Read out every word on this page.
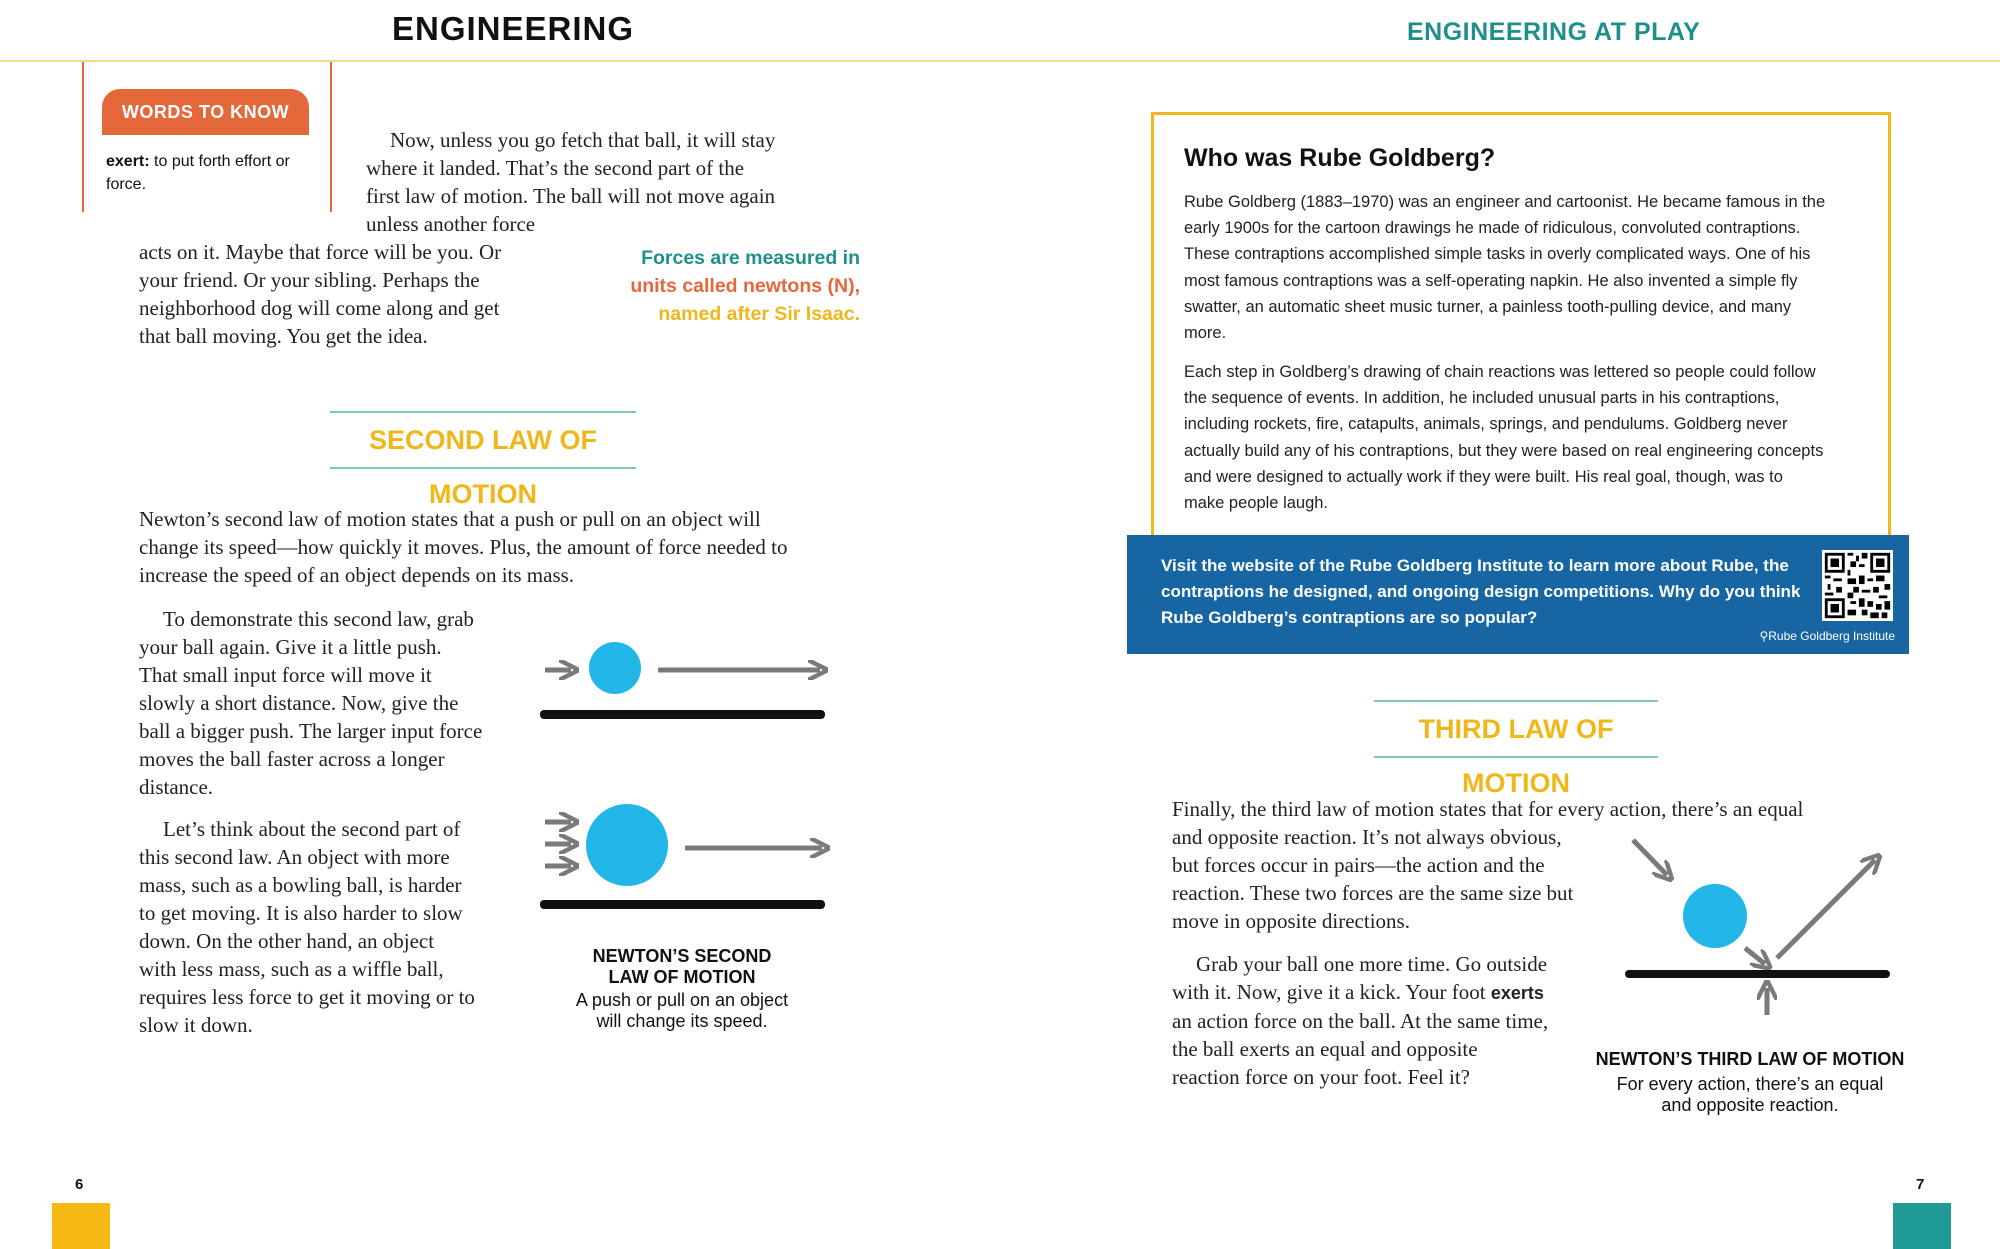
ENGINEERING
WORDS TO KNOW
exert: to put forth effort or force.
Now, unless you go fetch that ball, it will stay
where it landed. That’s the second part of the
first law of motion. The ball will not move again
unless another force
acts on it. Maybe that force will be you. Or
your friend. Or your sibling. Perhaps the
neighborhood dog will come along and get
that ball moving. You get the idea.
Forces are measured in
units called newtons (N),
named after Sir Isaac.
SECOND LAW OF MOTION
Newton’s second law of motion states that a push or pull on an object will
change its speed—how quickly it moves. Plus, the amount of force needed to
increase the speed of an object depends on its mass.
To demonstrate this second law, grab
your ball again. Give it a little push.
That small input force will move it
slowly a short distance. Now, give the
ball a bigger push. The larger input force
moves the ball faster across a longer
distance.
Let’s think about the second part of
this second law. An object with more
mass, such as a bowling ball, is harder
to get moving. It is also harder to slow
down. On the other hand, an object
with less mass, such as a wiffle ball,
requires less force to get it moving or to
slow it down.
NEWTON’S SECOND
LAW OF MOTION
A push or pull on an object
will change its speed.
6
ENGINEERING AT PLAY
Who was Rube Goldberg?
Rube Goldberg (1883–1970) was an engineer and cartoonist. He became famous in the
early 1900s for the cartoon drawings he made of ridiculous, convoluted contraptions.
These contraptions accomplished simple tasks in overly complicated ways. One of his
most famous contraptions was a self-operating napkin. He also invented a simple fly
swatter, an automatic sheet music turner, a painless tooth-pulling device, and many
more.
Each step in Goldberg’s drawing of chain reactions was lettered so people could follow
the sequence of events. In addition, he included unusual parts in his contraptions,
including rockets, fire, catapults, animals, springs, and pendulums. Goldberg never
actually build any of his contraptions, but they were based on real engineering concepts
and were designed to actually work if they were built. His real goal, though, was to
make people laugh.
Visit the website of the Rube Goldberg Institute to learn more about Rube, the
contraptions he designed, and ongoing design competitions. Why do you think
Rube Goldberg’s contraptions are so popular?
⚲Rube Goldberg Institute
THIRD LAW OF MOTION
Finally, the third law of motion states that for every action, there’s an equal
and opposite reaction. It’s not always obvious,
but forces occur in pairs—the action and the
reaction. These two forces are the same size but
move in opposite directions.
Grab your ball one more time. Go outside
with it. Now, give it a kick. Your foot exerts
an action force on the ball. At the same time,
the ball exerts an equal and opposite
reaction force on your foot. Feel it?
NEWTON’S THIRD LAW OF MOTION
For every action, there’s an equal
and opposite reaction.
7
